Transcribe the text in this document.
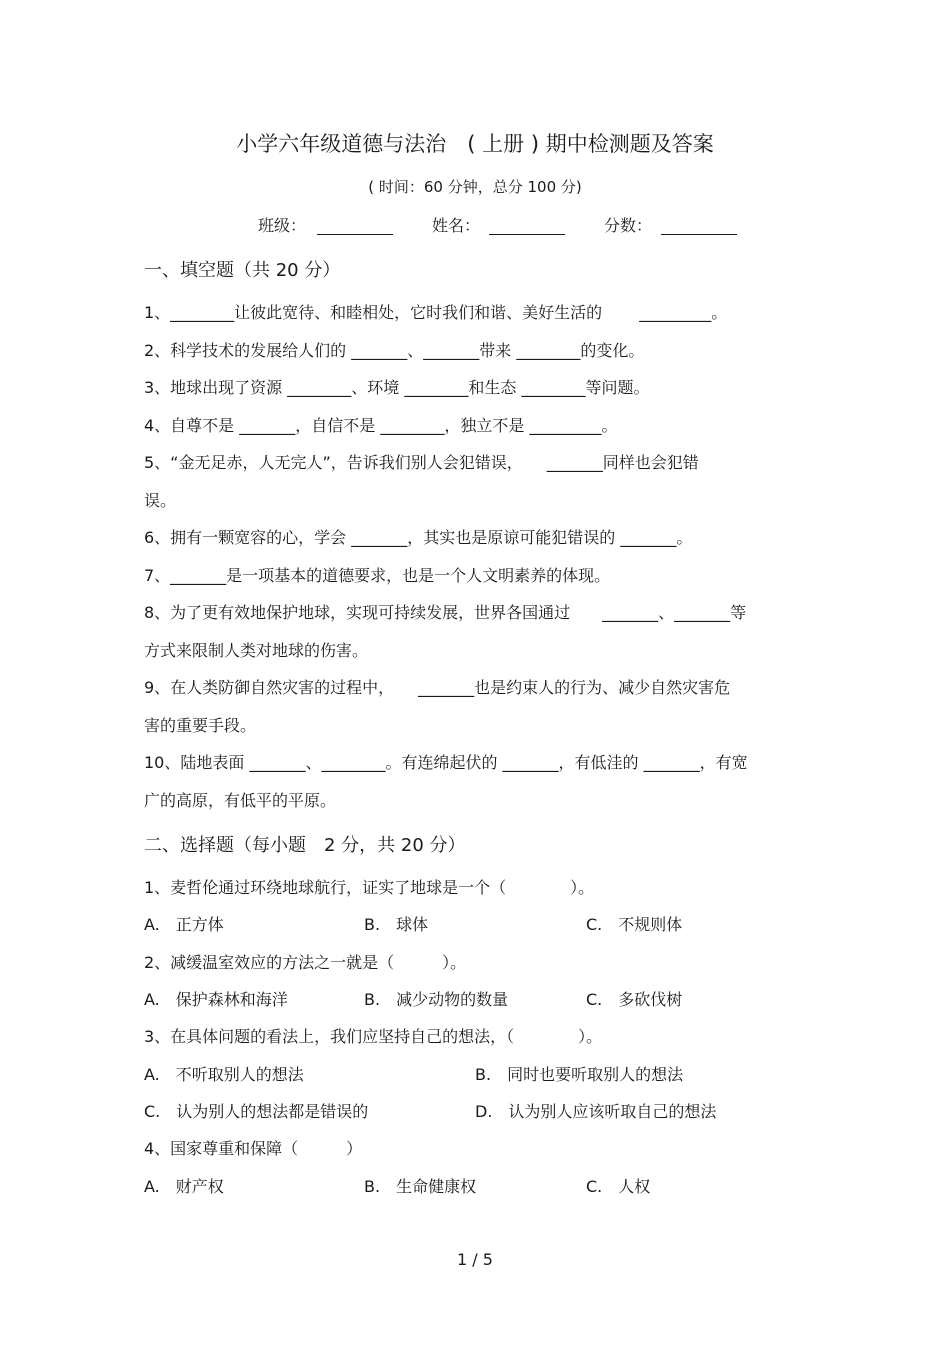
小学六年级道德与法治　( 上册 ) 期中检测题及答案
( 时间：60 分钟，总分 100 分)
班级：	姓名：	分数：
一、填空题（共 20 分）
1、________让彼此宽待、和睦相处，它时我们和谐、美好生活的　　 _________。
2、科学技术的发展给人们的 _______、_______带来 ________的变化。
3、地球出现了资源 ________、环境 ________和生态 ________等问题。
4、自尊不是 _______，自信不是 ________，独立不是 _________。
5、“金无足赤，人无完人”，告诉我们别人会犯错误，　　_______同样也会犯错
误。
6、拥有一颗宽容的心，学会 _______，其实也是原谅可能犯错误的 _______。
7、_______是一项基本的道德要求，也是一个人文明素养的体现。
8、为了更有效地保护地球，实现可持续发展，世界各国通过　　_______、_______等
方式来限制人类对地球的伤害。
9、在人类防御自然灾害的过程中，　　_______也是约束人的行为、减少自然灾害危
害的重要手段。
10、陆地表面 _______、________。有连绵起伏的 _______，有低洼的 _______，有宽
广的高原，有低平的平原。
二、选择题（每小题　2 分，共 20 分）
1、麦哲伦通过环绕地球航行，证实了地球是一个（　　　　）。
A.　正方体	B.　球体	C.　不规则体
2、减缓温室效应的方法之一就是（　　　）。
A.　保护森林和海洋	B.　减少动物的数量	C.　多砍伐树
3、在具体问题的看法上，我们应坚持自己的想法，（　　　　）。
A.　不听取别人的想法	B.　同时也要听取别人的想法
C.　认为别人的想法都是错误的	D.　认为别人应该听取自己的想法
4、国家尊重和保障（　　　）
A.　财产权	B.　生命健康权	C.　人权
1 / 5
